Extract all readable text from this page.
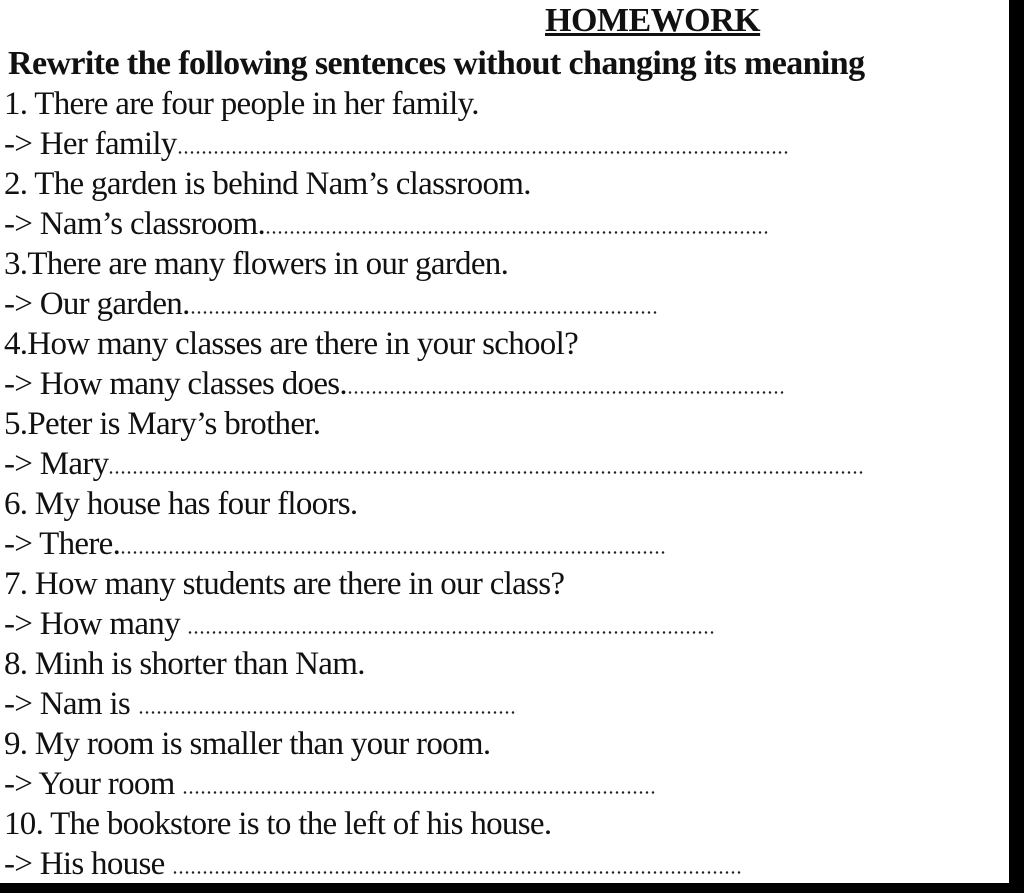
HOMEWORK
Rewrite the following sentences without changing its meaning
1. There are four people in her family.
-> Her family
2. The garden is behind Nam’s classroom.
-> Nam’s classroom.
3.There are many flowers in our garden.
-> Our garden.
4.How many classes are there in your school?
-> How many classes does.
5.Peter is Mary’s brother.
-> Mary
6. My house has four floors.
-> There.
7. How many students are there in our class?
-> How many
8. Minh is shorter than Nam.
-> Nam is
9. My room is smaller than your room.
-> Your room
10. The bookstore is to the left of his house.
-> His house
